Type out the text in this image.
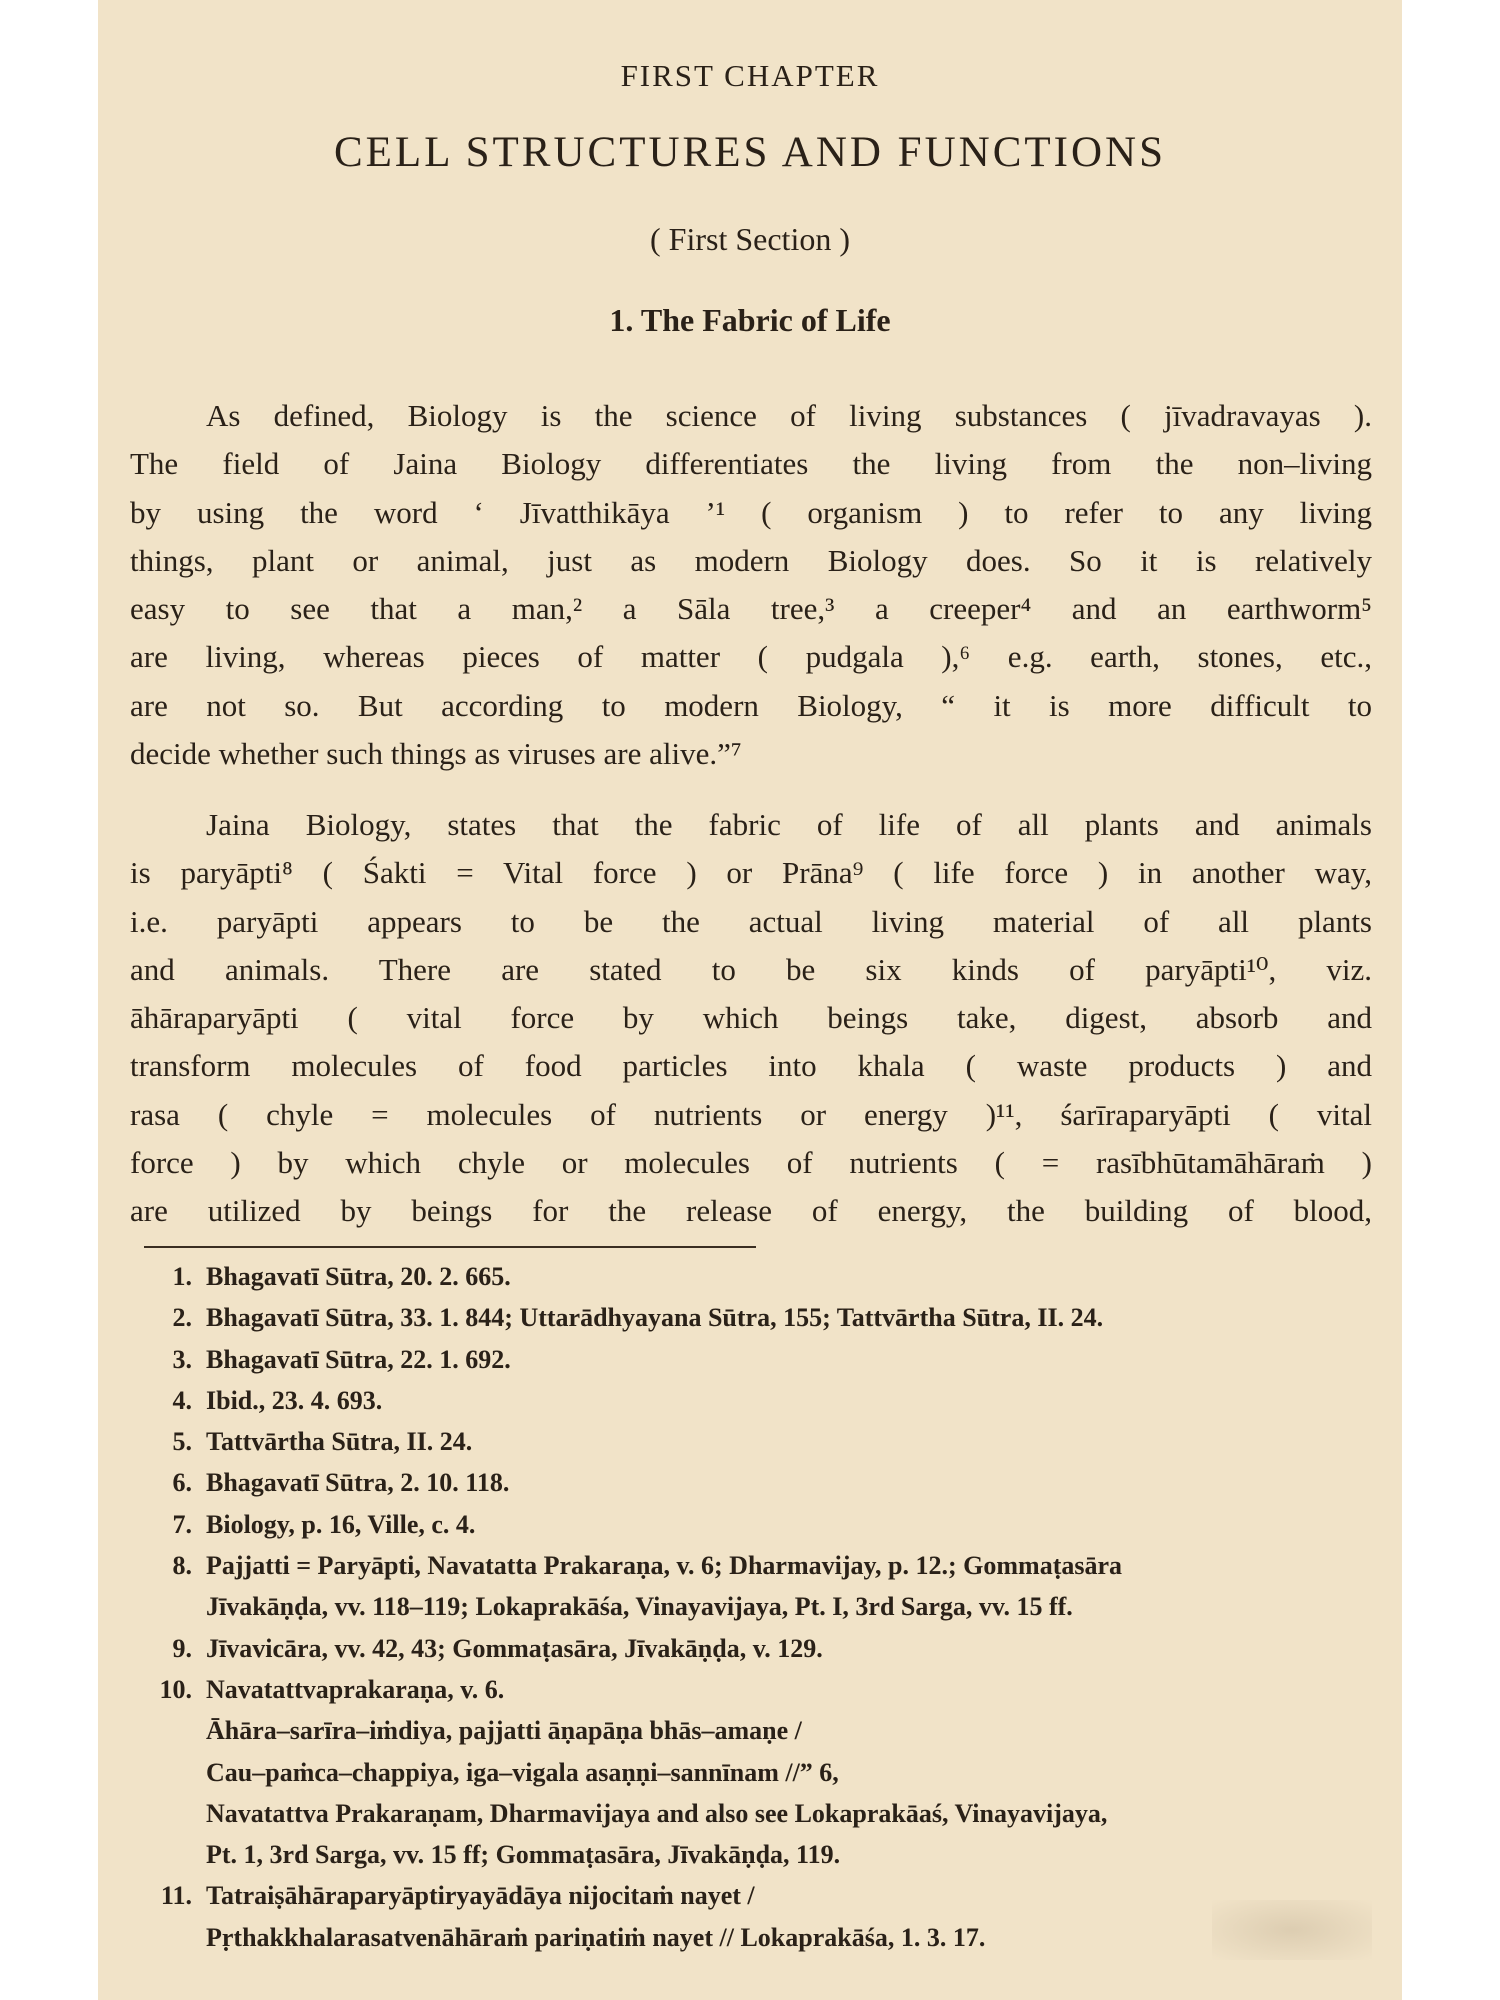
FIRST CHAPTER
CELL STRUCTURES AND FUNCTIONS
( First Section )
1. The Fabric of Life
As defined, Biology is the science of living substances ( jīvadravayas ).
The field of Jaina Biology differentiates the living from the non–living
by using the word ‘ Jīvatthikāya ’¹ ( organism ) to refer to any living
things, plant or animal, just as modern Biology does. So it is relatively
easy to see that a man,² a Sāla tree,³ a creeper⁴ and an earthworm⁵
are living, whereas pieces of matter ( pudgala ),⁶ e.g. earth, stones, etc.,
are not so. But according to modern Biology, “ it is more difficult to
decide whether such things as viruses are alive.”⁷
Jaina Biology, states that the fabric of life of all plants and animals
is paryāpti⁸ ( Śakti = Vital force ) or Prāna⁹ ( life force ) in another way,
i.e. paryāpti appears to be the actual living material of all plants
and animals. There are stated to be six kinds of paryāpti¹⁰, viz.
āhāraparyāpti ( vital force by which beings take, digest, absorb and
transform molecules of food particles into khala ( waste products ) and
rasa ( chyle = molecules of nutrients or energy )¹¹, śarīraparyāpti ( vital
force ) by which chyle or molecules of nutrients ( = rasībhūtamāhāraṁ )
are utilized by beings for the release of energy, the building of blood,
1. Bhagavatī Sūtra, 20. 2. 665.
2. Bhagavatī Sūtra, 33. 1. 844; Uttarādhyayana Sūtra, 155; Tattvārtha Sūtra, II. 24.
3. Bhagavatī Sūtra, 22. 1. 692.
4. Ibid., 23. 4. 693.
5. Tattvārtha Sūtra, II. 24.
6. Bhagavatī Sūtra, 2. 10. 118.
7. Biology, p. 16, Ville, c. 4.
8. Pajjatti = Paryāpti, Navatatta Prakaraṇa, v. 6; Dharmavijay, p. 12.; Gommaṭasāra
Jīvakāṇḍa, vv. 118–119; Lokaprakāśa, Vinayavijaya, Pt. I, 3rd Sarga, vv. 15 ff.
9. Jīvavicāra, vv. 42, 43; Gommaṭasāra, Jīvakāṇḍa, v. 129.
10. Navatattvaprakaraṇa, v. 6.
Āhāra–sarīra–iṁdiya, pajjatti āṇapāṇa bhās–amaṇe /
Cau–paṁca–chappiya, iga–vigala asaṇṇi–sannīnam //” 6,
Navatattva Prakaraṇam, Dharmavijaya and also see Lokaprakāaś, Vinayavijaya,
Pt. 1, 3rd Sarga, vv. 15 ff; Gommaṭasāra, Jīvakāṇḍa, 119.
11. Tatraiṣāhāraparyāptiryayādāya nijocitaṁ nayet /
Pṛthakkhalarasatvenāhāraṁ pariṇatiṁ nayet // Lokaprakāśa, 1. 3. 17.
